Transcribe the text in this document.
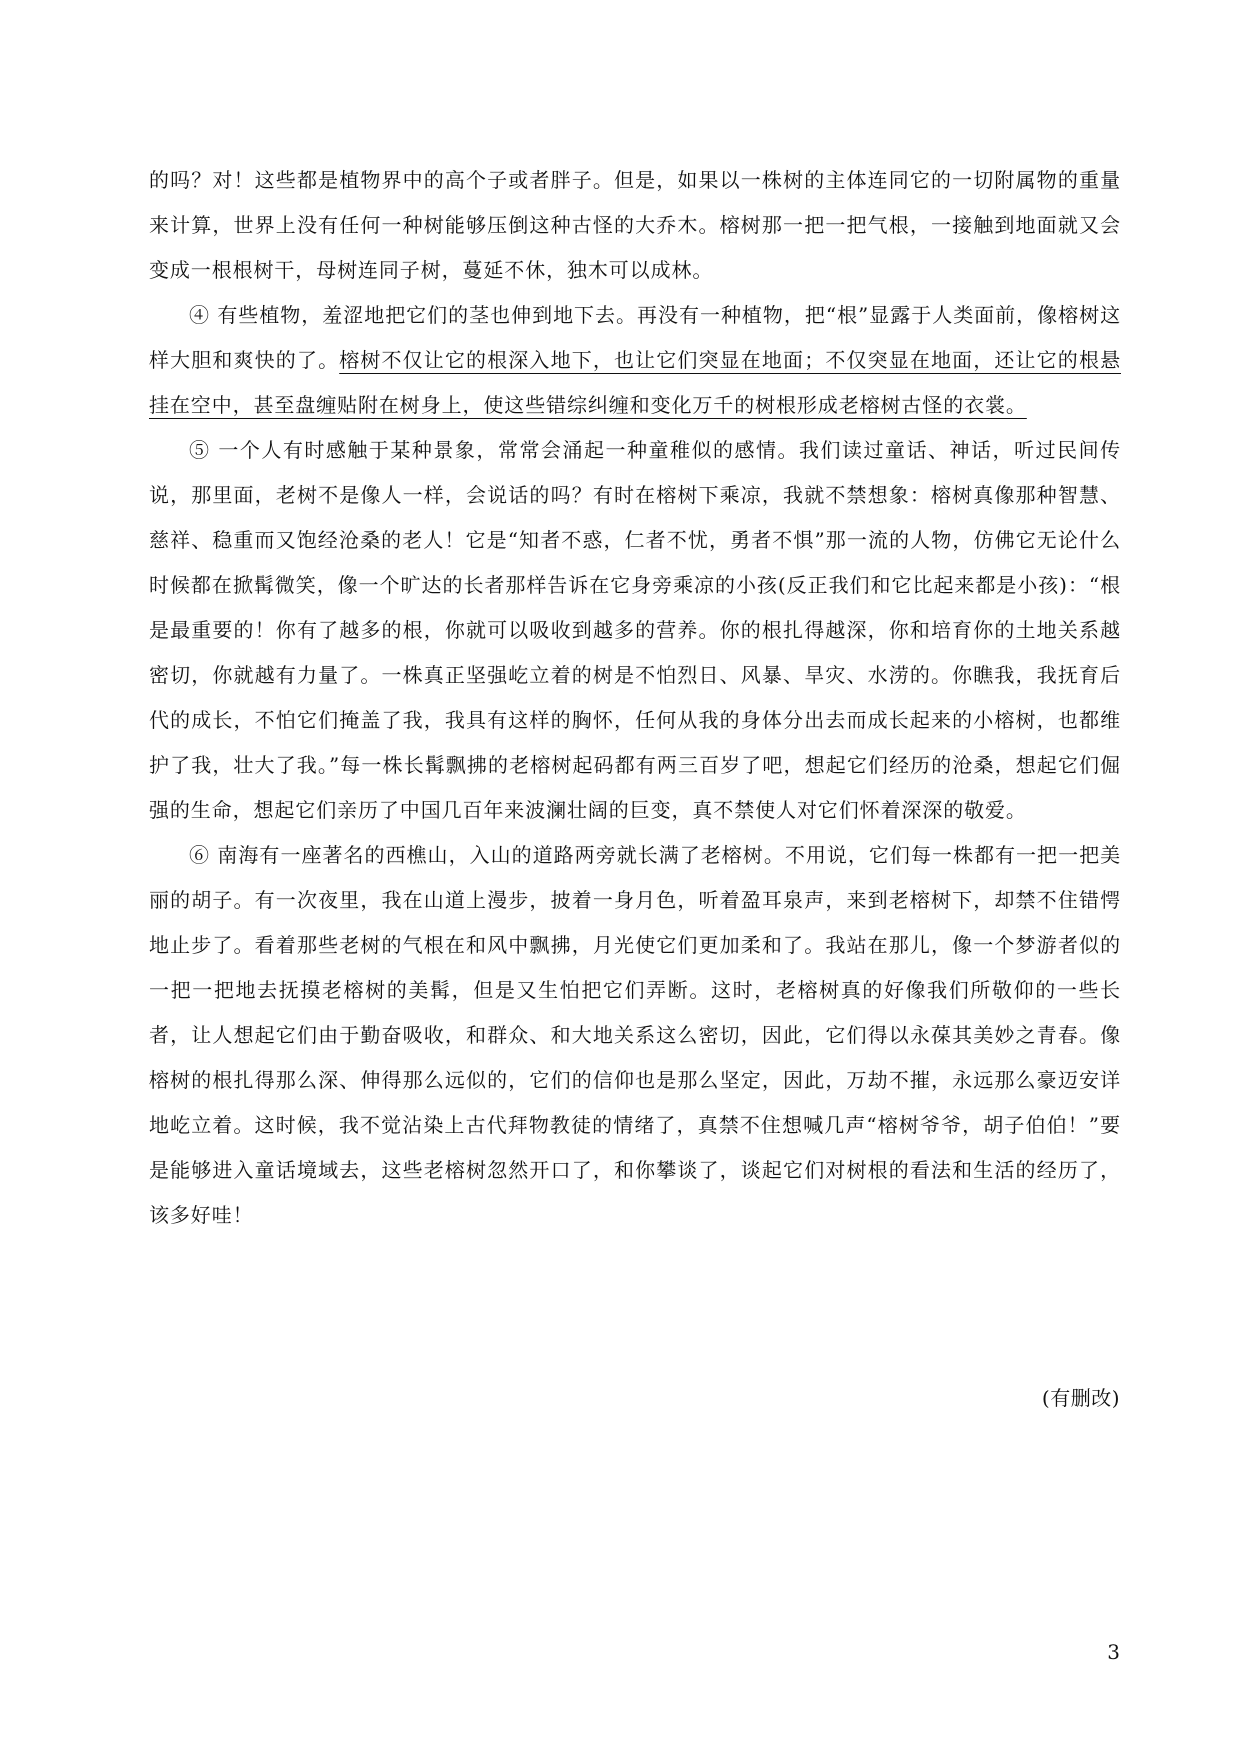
的吗？对！这些都是植物界中的高个子或者胖子。但是，如果以一株树的主体连同它的一切附属物的重量来计算，世界上没有任何一种树能够压倒这种古怪的大乔木。榕树那一把一把气根，一接触到地面就又会变成一根根树干，母树连同子树，蔓延不休，独木可以成林。

④ 有些植物，羞涩地把它们的茎也伸到地下去。再没有一种植物，把“根”显露于人类面前，像榕树这样大胆和爽快的了。榕树不仅让它的根深入地下，也让它们突显在地面；不仅突显在地面，还让它的根悬挂在空中，甚至盘缠贴附在树身上，使这些错综纠缠和变化万千的树根形成老榕树古怪的衣裳。

⑤ 一个人有时感触于某种景象，常常会涌起一种童稚似的感情。我们读过童话、神话，听过民间传说，那里面，老树不是像人一样，会说话的吗？有时在榕树下乘凉，我就不禁想象：榕树真像那种智慧、慈祥、稳重而又饱经沧桑的老人！它是“知者不惑，仁者不忧，勇者不惧”那一流的人物，仿佛它无论什么时候都在掀髯微笑，像一个旷达的长者那样告诉在它身旁乘凉的小孩(反正我们和它比起来都是小孩)：“根是最重要的！你有了越多的根，你就可以吸收到越多的营养。你的根扎得越深，你和培育你的土地关系越密切，你就越有力量了。一株真正坚强屹立着的树是不怕烈日、风暴、旱灾、水涝的。你瞧我，我抚育后代的成长，不怕它们掩盖了我，我具有这样的胸怀，任何从我的身体分出去而成长起来的小榕树，也都维护了我，壮大了我。”每一株长髯飘拂的老榕树起码都有两三百岁了吧，想起它们经历的沧桑，想起它们倔强的生命，想起它们亲历了中国几百年来波澜壮阔的巨变，真不禁使人对它们怀着深深的敬爱。

⑥ 南海有一座著名的西樵山，入山的道路两旁就长满了老榕树。不用说，它们每一株都有一把一把美丽的胡子。有一次夜里，我在山道上漫步，披着一身月色，听着盈耳泉声，来到老榕树下，却禁不住错愕地止步了。看着那些老树的气根在和风中飘拂，月光使它们更加柔和了。我站在那儿，像一个梦游者似的一把一把地去抚摸老榕树的美髯，但是又生怕把它们弄断。这时，老榕树真的好像我们所敬仰的一些长者，让人想起它们由于勤奋吸收，和群众、和大地关系这么密切，因此，它们得以永葆其美妙之青春。像榕树的根扎得那么深、伸得那么远似的，它们的信仰也是那么坚定，因此，万劫不摧，永远那么豪迈安详地屹立着。这时候，我不觉沾染上古代拜物教徒的情绪了，真禁不住想喊几声“榕树爷爷，胡子伯伯！”要是能够进入童话境域去，这些老榕树忽然开口了，和你攀谈了，谈起它们对树根的看法和生活的经历了，该多好哇！

(有删改)
3
